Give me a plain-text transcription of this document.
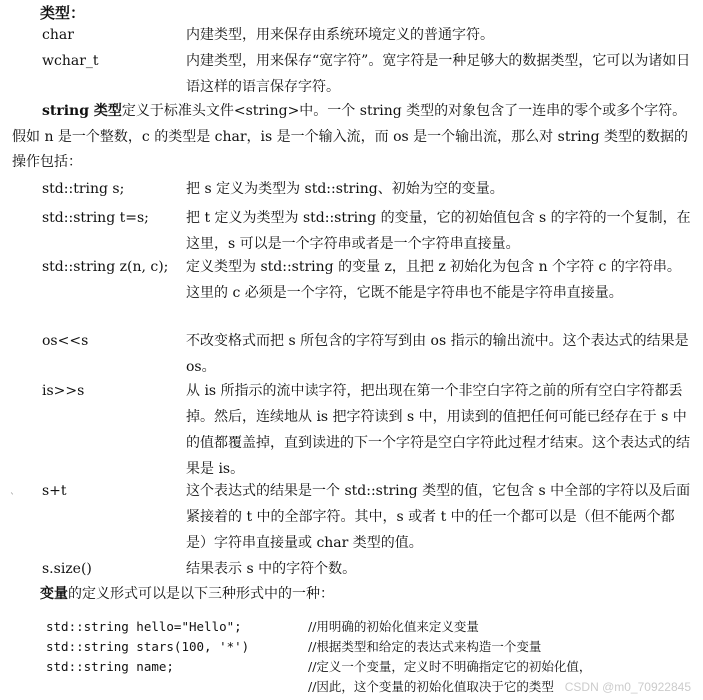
类型：
char	内建类型，用来保存由系统环境定义的普通字符。
wchar_t	内建类型，用来保存“宽字符”。宽字符是一种足够大的数据类型，它可以为诸如日语这样的语言保存字符。
string 类型定义于标准头文件<string>中。一个 string 类型的对象包含了一连串的零个或多个字符。假如 n 是一个整数，c 的类型是 char，is 是一个输入流，而 os 是一个输出流，那么对 string 类型的数据的操作包括：
std::tring s;	把 s 定义为类型为 std::string、初始为空的变量。
std::string t=s;	把 t 定义为类型为 std::string 的变量，它的初始值包含 s 的字符的一个复制，在这里，s 可以是一个字符串或者是一个字符串直接量。
std::string z(n, c); 定义类型为 std::string 的变量 z，且把 z 初始化为包含 n 个字符 c 的字符串。这里的 c 必须是一个字符，它既不能是字符串也不能是字符串直接量。
os<<s	不改变格式而把 s 所包含的字符写到由 os 指示的输出流中。这个表达式的结果是 os。
is>>s	从 is 所指示的流中读字符，把出现在第一个非空白字符之前的所有空白字符都丢掉。然后，连续地从 is 把字符读到 s 中，用读到的值把任何可能已经存在于 s 中的值都覆盖掉，直到读进的下一个字符是空白字符此过程才结束。这个表达式的结果是 is。
s+t	这个表达式的结果是一个 std::string 类型的值，它包含 s 中全部的字符以及后面紧接着的 t 中的全部字符。其中，s 或者 t 中的任一个都可以是（但不能两个都是）字符串直接量或 char 类型的值。
s.size()	结果表示 s 中的字符个数。
变量的定义形式可以是以下三种形式中的一种：
std::string hello="Hello";	//用明确的初始化值来定义变量
std::string stars(100, '*')	//根据类型和给定的表达式来构造一个变量
std::string name;	//定义一个变量，定义时不明确指定它的初始化值，
//因此，这个变量的初始化值取决于它的类型
`
CSDN @m0_70922845
